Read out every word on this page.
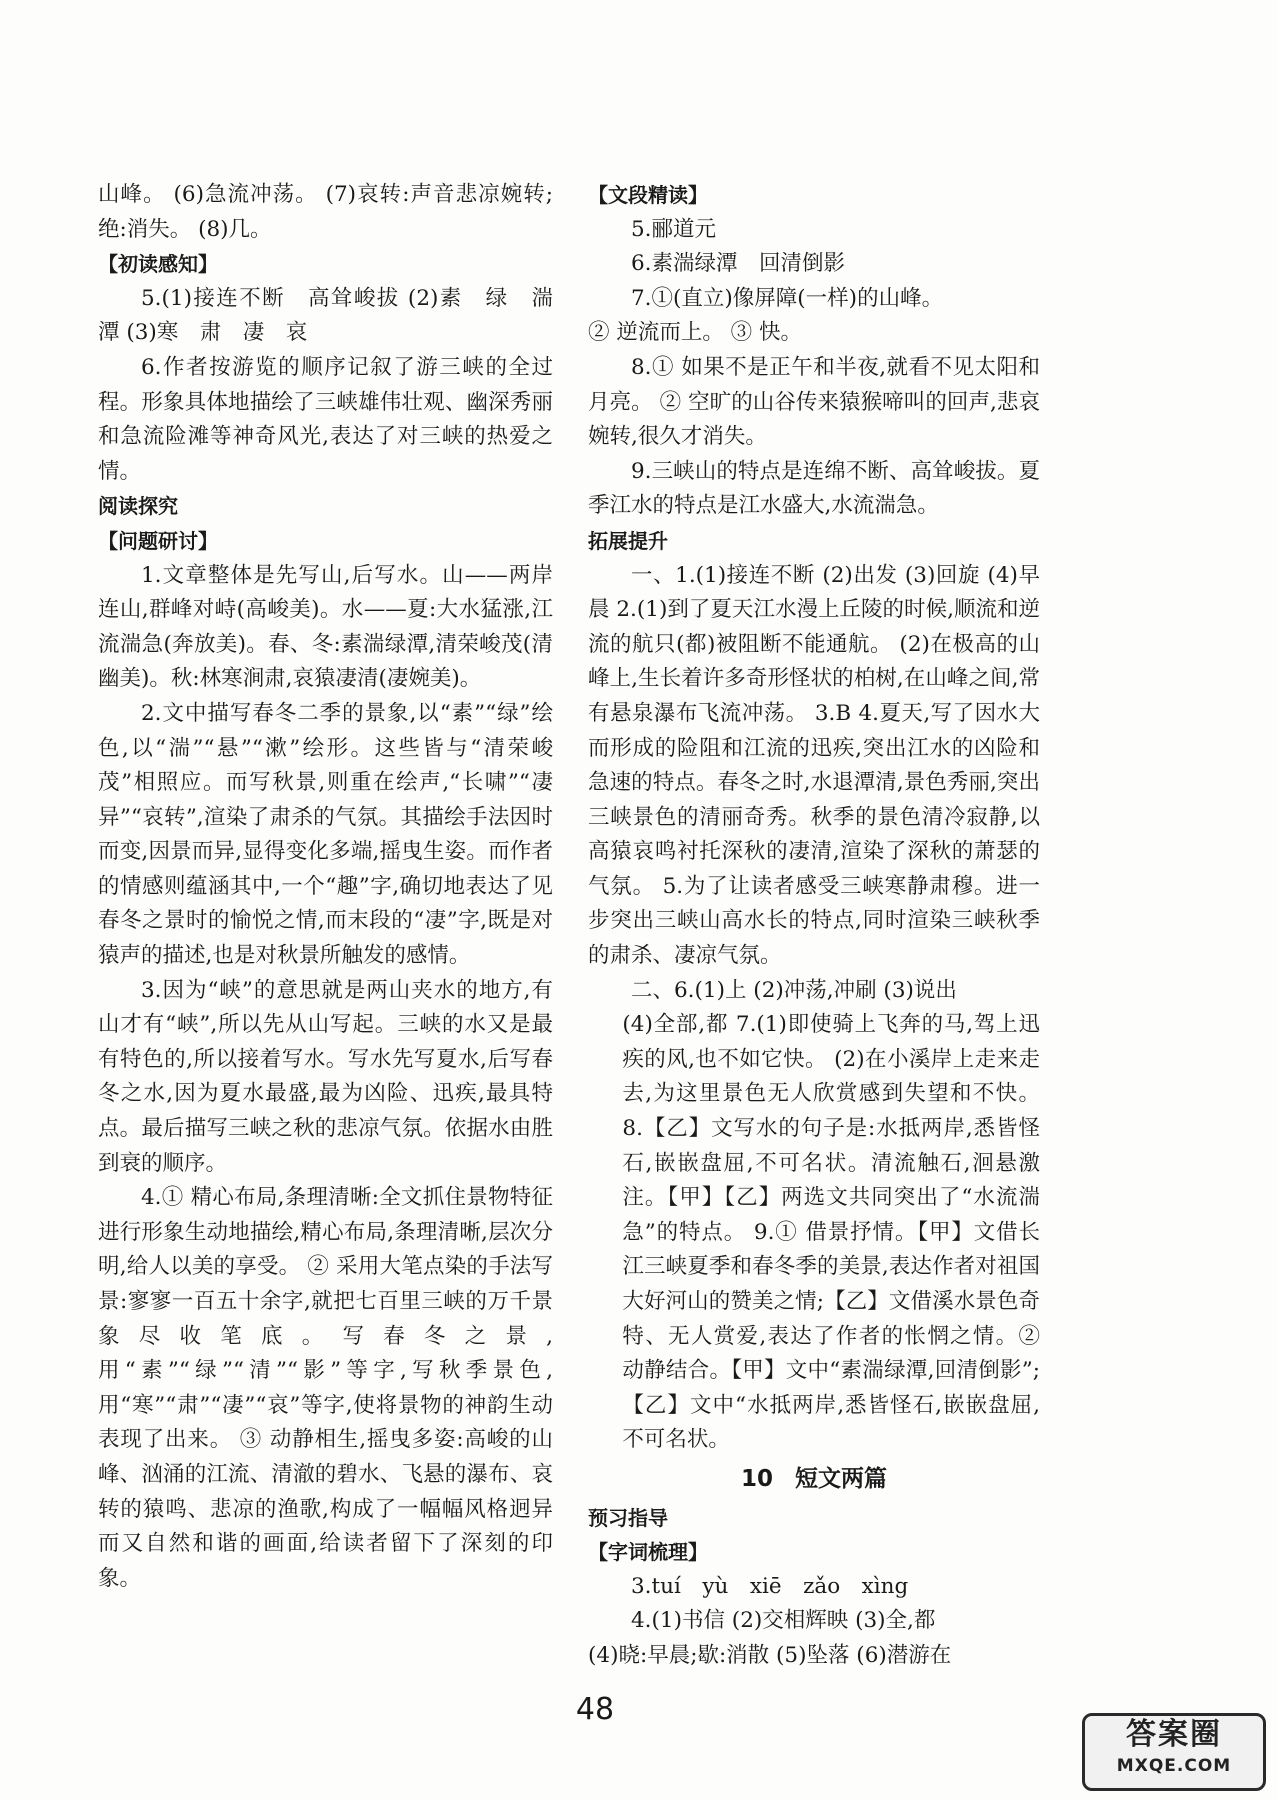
山峰。 (6)急流冲荡。 (7)哀转:声音悲凉婉转;绝:消失。 (8)几。

【初读感知】

5.(1)接连不断　高耸峻拔 (2)素　绿　湍　潭 (3)寒　肃　凄　哀

6.作者按游览的顺序记叙了游三峡的全过程。形象具体地描绘了三峡雄伟壮观、幽深秀丽和急流险滩等神奇风光,表达了对三峡的热爱之情。

阅读探究

【问题研讨】

1.文章整体是先写山,后写水。山——两岸连山,群峰对峙(高峻美)。水——夏:大水猛涨,江流湍急(奔放美)。春、冬:素湍绿潭,清荣峻茂(清幽美)。秋:林寒涧肃,哀猿凄清(凄婉美)。

2.文中描写春冬二季的景象,以“素”“绿”绘色,以“湍”“悬”“漱”绘形。这些皆与“清荣峻茂”相照应。而写秋景,则重在绘声,“长啸”“凄异”“哀转”,渲染了肃杀的气氛。其描绘手法因时而变,因景而异,显得变化多端,摇曳生姿。而作者的情感则蕴涵其中,一个“趣”字,确切地表达了见春冬之景时的愉悦之情,而末段的“凄”字,既是对猿声的描述,也是对秋景所触发的感情。

3.因为“峡”的意思就是两山夹水的地方,有山才有“峡”,所以先从山写起。三峡的水又是最有特色的,所以接着写水。写水先写夏水,后写春冬之水,因为夏水最盛,最为凶险、迅疾,最具特点。最后描写三峡之秋的悲凉气氛。依据水由胜到衰的顺序。

4.① 精心布局,条理清晰:全文抓住景物特征进行形象生动地描绘,精心布局,条理清晰,层次分明,给人以美的享受。 ② 采用大笔点染的手法写景:寥寥一百五十余字,就把七百里三峡的万千景象尽收笔底。写春冬之景,用“素”“绿”“清”“影”等字,写秋季景色,用“寒”“肃”“凄”“哀”等字,使将景物的神韵生动表现了出来。 ③ 动静相生,摇曳多姿:高峻的山峰、汹涌的江流、清澈的碧水、飞悬的瀑布、哀转的猿鸣、悲凉的渔歌,构成了一幅幅风格迥异而又自然和谐的画面,给读者留下了深刻的印象。

【文段精读】

5.郦道元

6.素湍绿潭　回清倒影

7.①(直立)像屏障(一样)的山峰。

② 逆流而上。 ③ 快。

8.① 如果不是正午和半夜,就看不见太阳和月亮。 ② 空旷的山谷传来猿猴啼叫的回声,悲哀婉转,很久才消失。

9.三峡山的特点是连绵不断、高耸峻拔。夏季江水的特点是江水盛大,水流湍急。

拓展提升

一、1.(1)接连不断 (2)出发 (3)回旋 (4)早晨 2.(1)到了夏天江水漫上丘陵的时候,顺流和逆流的航只(都)被阻断不能通航。 (2)在极高的山峰上,生长着许多奇形怪状的柏树,在山峰之间,常有悬泉瀑布飞流冲荡。 3.B 4.夏天,写了因水大而形成的险阻和江流的迅疾,突出江水的凶险和急速的特点。春冬之时,水退潭清,景色秀丽,突出三峡景色的清丽奇秀。秋季的景色清冷寂静,以高猿哀鸣衬托深秋的凄清,渲染了深秋的萧瑟的气氛。 5.为了让读者感受三峡寒静肃穆。进一步突出三峡山高水长的特点,同时渲染三峡秋季的肃杀、凄凉气氛。

二、6.(1)上 (2)冲荡,冲刷 (3)说出

(4)全部,都 7.(1)即使骑上飞奔的马,驾上迅疾的风,也不如它快。 (2)在小溪岸上走来走去,为这里景色无人欣赏感到失望和不快。 8.【乙】文写水的句子是:水抵两岸,悉皆怪石,嵌嵌盘屈,不可名状。清流触石,洄悬激注。【甲】【乙】两选文共同突出了“水流湍急”的特点。 9.① 借景抒情。【甲】文借长江三峡夏季和春冬季的美景,表达作者对祖国大好河山的赞美之情;【乙】文借溪水景色奇特、无人赏爱,表达了作者的怅惘之情。② 动静结合。【甲】文中“素湍绿潭,回清倒影”;【乙】文中“水抵两岸,悉皆怪石,嵌嵌盘屈,不可名状。

10 短文两篇

预习指导

【字词梳理】

3.tuí　yù　xiē　zǎo　xìng

4.(1)书信 (2)交相辉映 (3)全,都

(4)晓:早晨;歇:消散 (5)坠落 (6)潜游在

48
答案圈
MXQE.COM
